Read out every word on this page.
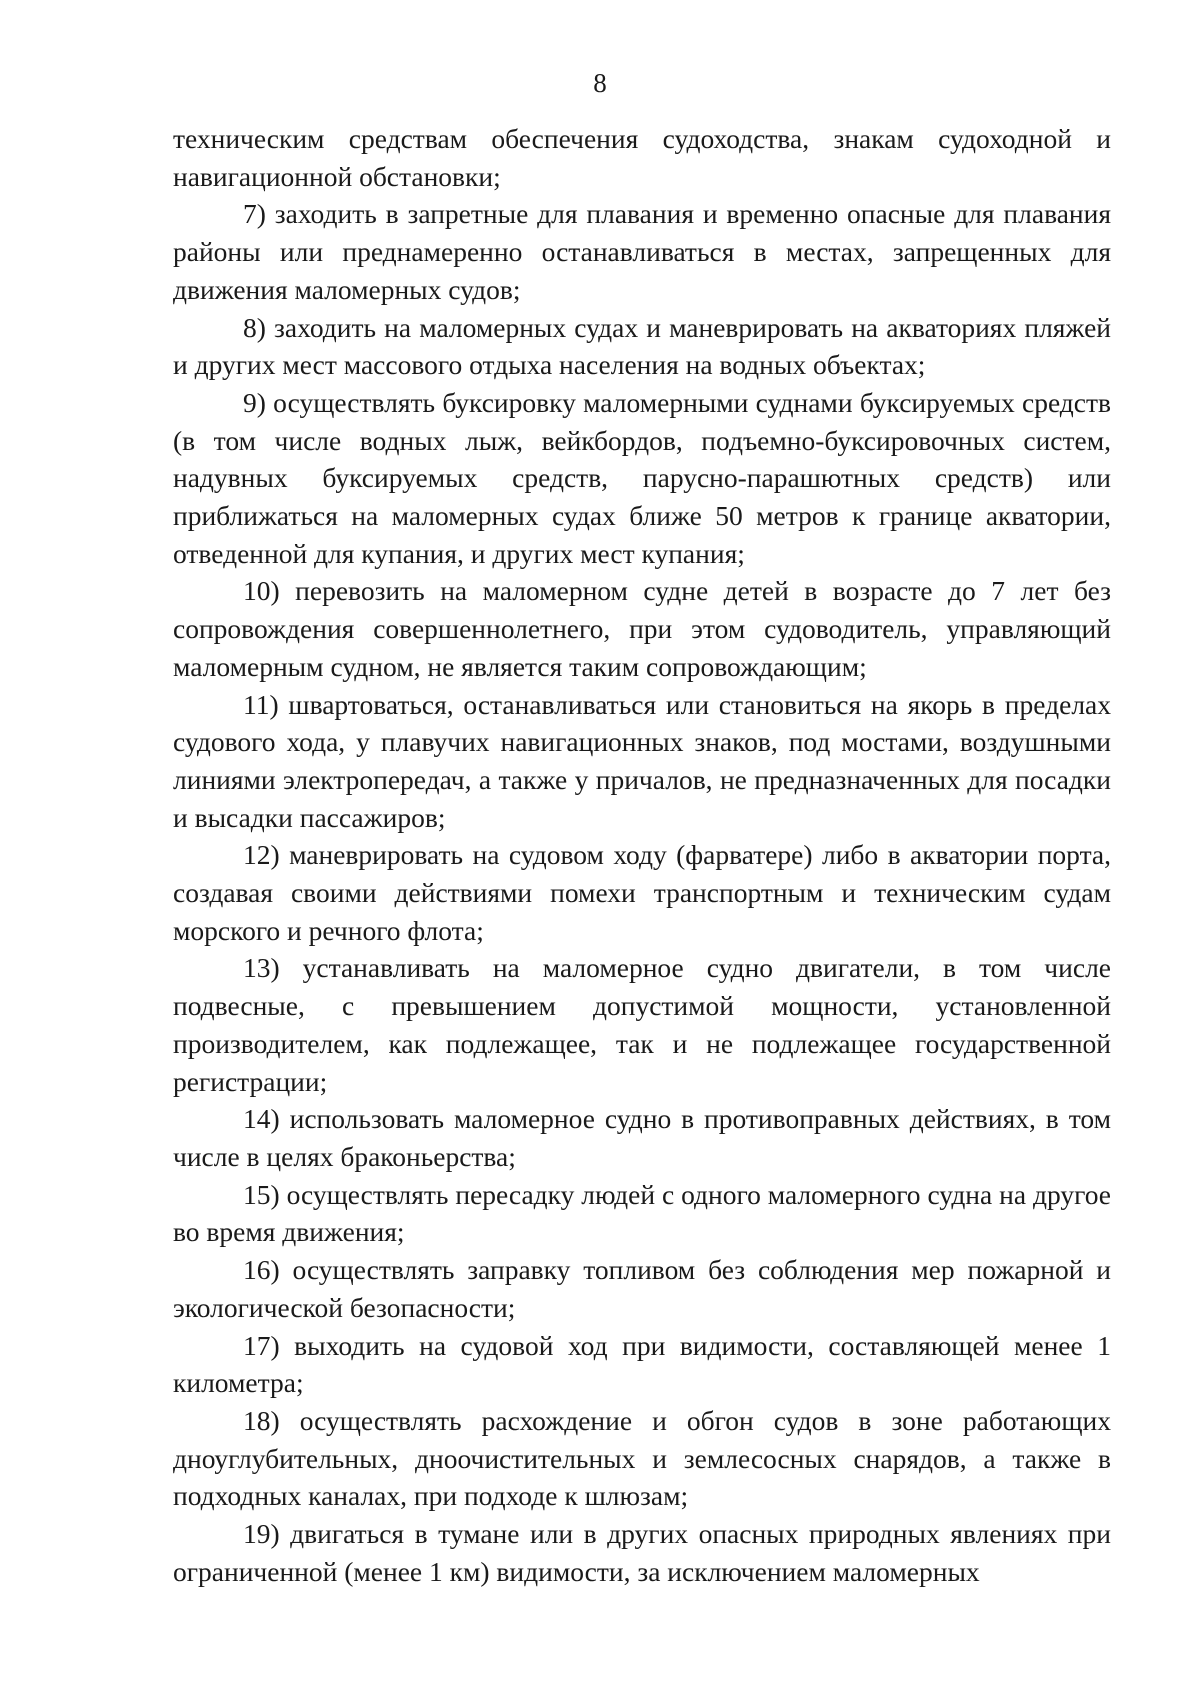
8

техническим средствам обеспечения судоходства, знакам судоходной и навигационной обстановки;

7) заходить в запретные для плавания и временно опасные для плавания районы или преднамеренно останавливаться в местах, запрещенных для движения маломерных судов;

8) заходить на маломерных судах и маневрировать на акваториях пляжей и других мест массового отдыха населения на водных объектах;

9) осуществлять буксировку маломерными суднами буксируемых средств (в том числе водных лыж, вейкбордов, подъемно-буксировочных систем, надувных буксируемых средств, парусно-парашютных средств) или приближаться на маломерных судах ближе 50 метров к границе акватории, отведенной для купания, и других мест купания;

10) перевозить на маломерном судне детей в возрасте до 7 лет без сопровождения совершеннолетнего, при этом судоводитель, управляющий маломерным судном, не является таким сопровождающим;

11) швартоваться, останавливаться или становиться на якорь в пределах судового хода, у плавучих навигационных знаков, под мостами, воздушными линиями электропередач, а также у причалов, не предназначенных для посадки и высадки пассажиров;

12) маневрировать на судовом ходу (фарватере) либо в акватории порта, создавая своими действиями помехи транспортным и техническим судам морского и речного флота;

13) устанавливать на маломерное судно двигатели, в том числе подвесные, с превышением допустимой мощности, установленной производителем, как подлежащее, так и не подлежащее государственной регистрации;

14) использовать маломерное судно в противоправных действиях, в том числе в целях браконьерства;

15) осуществлять пересадку людей с одного маломерного судна на другое во время движения;

16) осуществлять заправку топливом без соблюдения мер пожарной и экологической безопасности;

17) выходить на судовой ход при видимости, составляющей менее 1 километра;

18) осуществлять расхождение и обгон судов в зоне работающих дноуглубительных, дноочистительных и землесосных снарядов, а также в подходных каналах, при подходе к шлюзам;

19) двигаться в тумане или в других опасных природных явлениях при ограниченной (менее 1 км) видимости, за исключением маломерных
